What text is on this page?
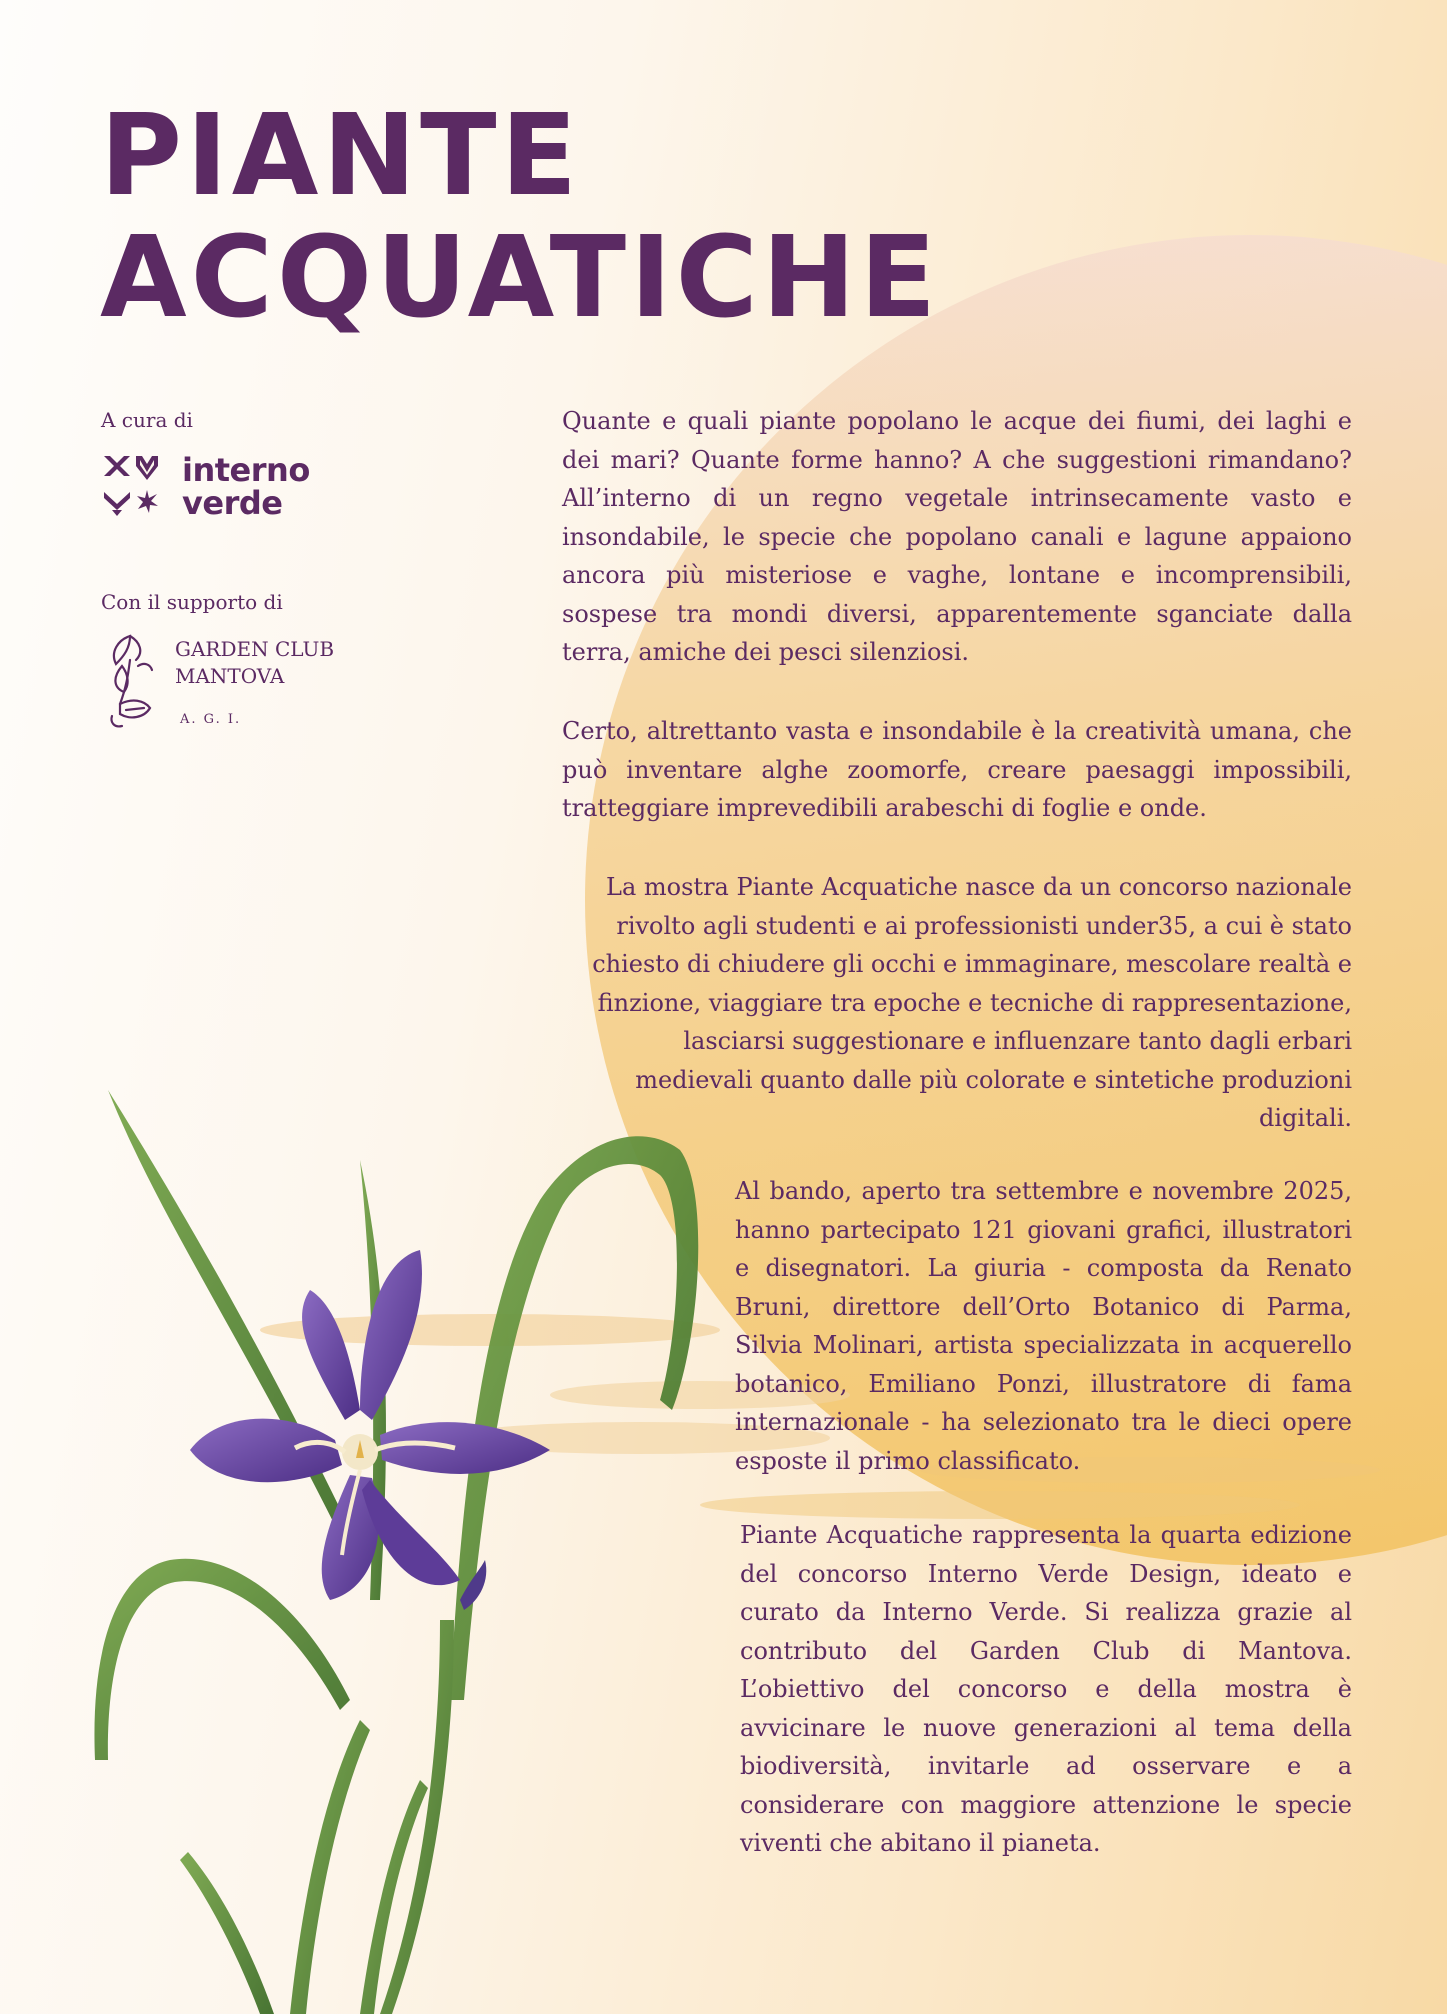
PIANTE
ACQUATICHE
A cura di
interno
verde
Con il supporto di
GARDEN CLUB
MANTOVA
A. G. I.

Quante e quali piante popolano le acque dei fiumi, dei laghi e dei mari? Quante forme hanno? A che suggestioni rimandano? All’interno di un regno vegetale intrinsecamente vasto e insondabile, le specie che popolano canali e lagune appaiono ancora più misteriose e vaghe, lontane e incomprensibili, sospese tra mondi diversi, apparentemente sganciate dalla terra, amiche dei pesci silenziosi.

Certo, altrettanto vasta e insondabile è la creatività umana, che può inventare alghe zoomorfe, creare paesaggi impossibili, tratteggiare imprevedibili arabeschi di foglie e onde.

La mostra Piante Acquatiche nasce da un concorso nazionale rivolto agli studenti e ai professionisti under35, a cui è stato chiesto di chiudere gli occhi e immaginare, mescolare realtà e finzione, viaggiare tra epoche e tecniche di rappresentazione, lasciarsi suggestionare e influenzare tanto dagli erbari medievali quanto dalle più colorate e sintetiche produzioni digitali.

Al bando, aperto tra settembre e novembre 2025, hanno partecipato 121 giovani grafici, illustratori e disegnatori. La giuria - composta da Renato Bruni, direttore dell’Orto Botanico di Parma, Silvia Molinari, artista specializzata in acquerello botanico, Emiliano Ponzi, illustratore di fama internazionale - ha selezionato tra le dieci opere esposte il primo classificato.

Piante Acquatiche rappresenta la quarta edizione del concorso Interno Verde Design, ideato e curato da Interno Verde. Si realizza grazie al contributo del Garden Club di Mantova. L’obiettivo del concorso e della mostra è avvicinare le nuove generazioni al tema della biodiversità, invitarle ad osservare e a considerare con maggiore attenzione le specie viventi che abitano il pianeta.
